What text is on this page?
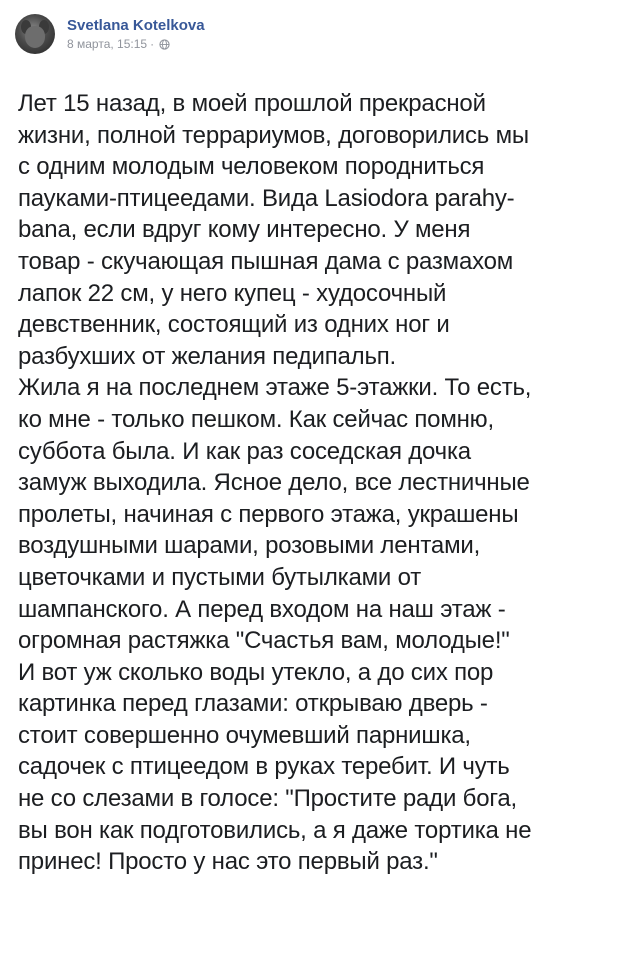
Svetlana Kotelkova
8 марта, 15:15 ·

Лет 15 назад, в моей прошлой прекрасной
жизни, полной террариумов, договорились мы
с одним молодым человеком породниться
пауками-птицеедами. Вида Lasiodora parahy-
bana, если вдруг кому интересно. У меня
товар - скучающая пышная дама с размахом
лапок 22 см, у него купец - худосочный
девственник, состоящий из одних ног и
разбухших от желания педипальп.

Жила я на последнем этаже 5-этажки. То есть,
ко мне - только пешком. Как сейчас помню,
суббота была. И как раз соседская дочка
замуж выходила. Ясное дело, все лестничные
пролеты, начиная с первого этажа, украшены
воздушными шарами, розовыми лентами,
цветочками и пустыми бутылками от
шампанского. А перед входом на наш этаж -
огромная растяжка "Счастья вам, молодые!"
И вот уж сколько воды утекло, а до сих пор
картинка перед глазами: открываю дверь -
стоит совершенно очумевший парнишка,
садочек с птицеедом в руках теребит. И чуть
не со слезами в голосе: "Простите ради бога,
вы вон как подготовились, а я даже тортика не
принес! Просто у нас это первый раз."
